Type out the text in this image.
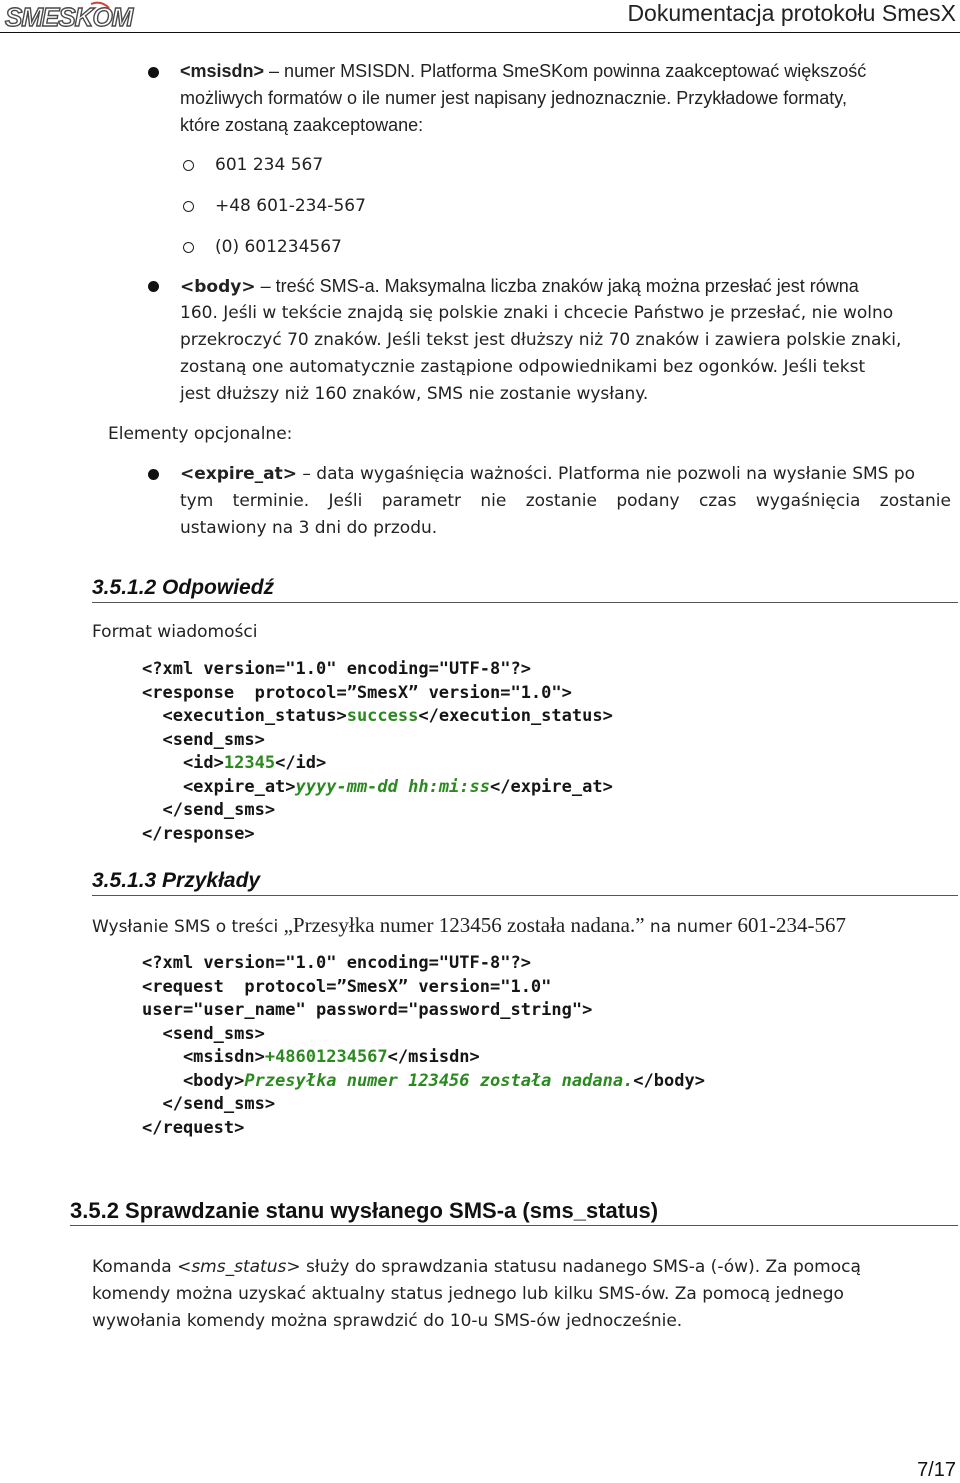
SMESKOM	Dokumentacja protokołu SmesX
<msisdn> – numer MSISDN. Platforma SmeSKom powinna zaakceptować większość
możliwych formatów o ile numer jest napisany jednoznacznie. Przykładowe formaty,
które zostaną zaakceptowane:
601 234 567
+48 601-234-567
(0) 601234567
<body> – treść SMS-a. Maksymalna liczba znaków jaką można przesłać jest równa
160. Jeśli w tekście znajdą się polskie znaki i chcecie Państwo je przesłać, nie wolno
przekroczyć 70 znaków. Jeśli tekst jest dłuższy niż 70 znaków i zawiera polskie znaki,
zostaną one automatycznie zastąpione odpowiednikami bez ogonków. Jeśli tekst
jest dłuższy niż 160 znaków, SMS nie zostanie wysłany.
Elementy opcjonalne:
<expire_at> – data wygaśnięcia ważności. Platforma nie pozwoli na wysłanie SMS po
tym terminie. Jeśli parametr nie zostanie podany czas wygaśnięcia zostanie
ustawiony na 3 dni do przodu.
3.5.1.2 Odpowiedź
Format wiadomości
<?xml version="1.0" encoding="UTF-8"?>
<response  protocol=”SmesX” version="1.0">
<execution_status>success</execution_status>
<send_sms>
<id>12345</id>
<expire_at>yyyy-mm-dd hh:mi:ss</expire_at>
</send_sms>
</response>
3.5.1.3 Przykłady
Wysłanie SMS o treści „Przesyłka numer 123456 została nadana.” na numer 601-234-567
<?xml version="1.0" encoding="UTF-8"?>
<request  protocol=”SmesX” version="1.0"
user="user_name" password="password_string">
<send_sms>
<msisdn>+48601234567</msisdn>
<body>Przesyłka numer 123456 została nadana.</body>
</send_sms>
</request>
3.5.2 Sprawdzanie stanu wysłanego SMS-a (sms_status)
Komanda <sms_status> służy do sprawdzania statusu nadanego SMS-a (-ów). Za pomocą
komendy można uzyskać aktualny status jednego lub kilku SMS-ów. Za pomocą jednego
wywołania komendy można sprawdzić do 10-u SMS-ów jednocześnie.
7/17
